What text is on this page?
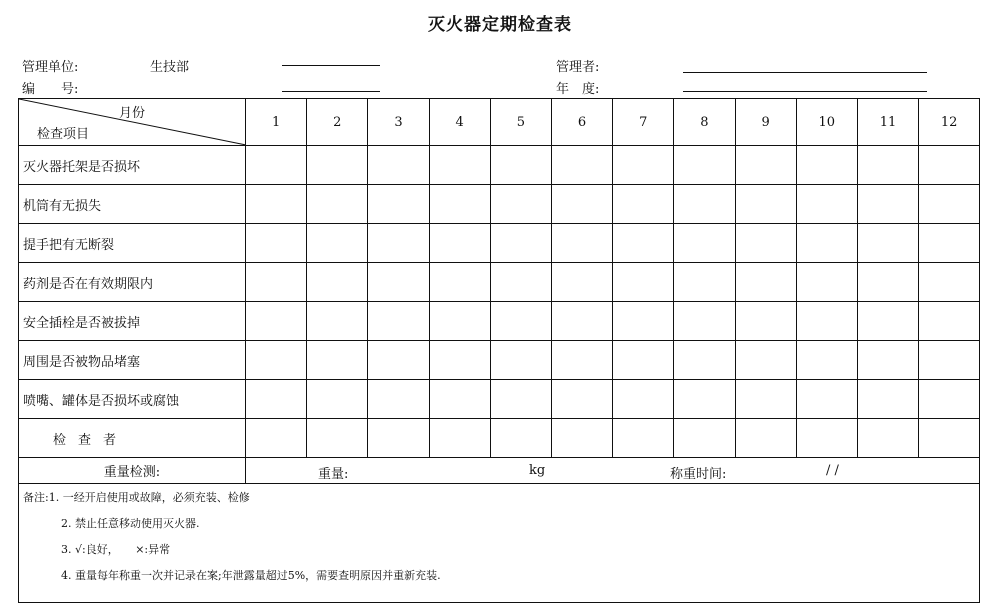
灭火器定期检查表
管理单位:	生技部
编　　号:
管理者:
年　度:
月份
检查项目	1	2	3	4	5	6	7	8	9	10	11	12
灭火器托架是否损坏												
机筒有无损失												
提手把有无断裂												
药剂是否在有效期限内												
安全插栓是否被拔掉												
周围是否被物品堵塞												
喷嘴、罐体是否损坏或腐蚀												
检查者												
重量检测:	重量: kg 称重时间: / /											

备注:1. 一经开启使用或故障，必须充装、检修
2. 禁止任意移动使用灭火器.
3. √:良好，　　×:异常
4. 重量每年称重一次并记录在案;年泄露量超过5%，需要查明原因并重新充装.												
